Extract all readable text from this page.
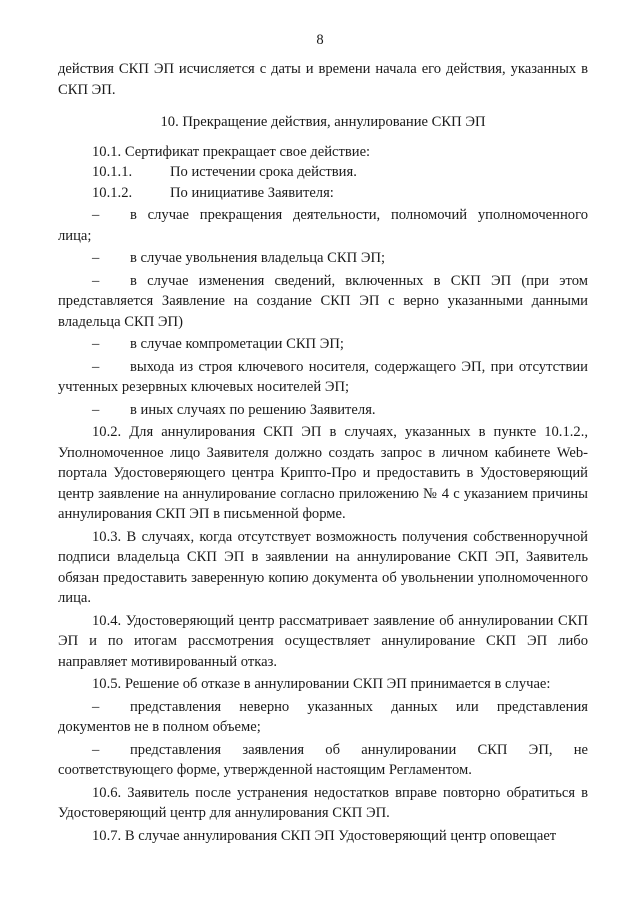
8

действия СКП ЭП исчисляется с даты и времени начала его действия, указанных в СКП ЭП.

10. Прекращение действия, аннулирование СКП ЭП

10.1. Сертификат прекращает свое действие:

10.1.1.	По истечении срока действия.
10.1.2.	По инициативе Заявителя:

– в случае прекращения деятельности, полномочий уполномоченного лица;

– в случае увольнения владельца СКП ЭП;

– в случае изменения сведений, включенных в СКП ЭП (при этом представляется Заявление на создание СКП ЭП с верно указанными данными владельца СКП ЭП)

– в случае компрометации СКП ЭП;

– выхода из строя ключевого носителя, содержащего ЭП, при отсутствии учтенных резервных ключевых носителей ЭП;

– в иных случаях по решению Заявителя.

10.2. Для аннулирования СКП ЭП в случаях, указанных в пункте 10.1.2., Уполномоченное лицо Заявителя должно создать запрос в личном кабинете Web-портала Удостоверяющего центра Крипто-Про и предоставить в Удостоверяющий центр заявление на аннулирование согласно приложению № 4 с указанием причины аннулирования СКП ЭП в письменной форме.

10.3. В случаях, когда отсутствует возможность получения собственноручной подписи владельца СКП ЭП в заявлении на аннулирование СКП ЭП, Заявитель обязан предоставить заверенную копию документа об увольнении уполномоченного лица.

10.4. Удостоверяющий центр рассматривает заявление об аннулировании СКП ЭП и по итогам рассмотрения осуществляет аннулирование СКП ЭП либо направляет мотивированный отказ.

10.5. Решение об отказе в аннулировании СКП ЭП принимается в случае:

– представления неверно указанных данных или представления документов не в полном объеме;

– представления заявления об аннулировании СКП ЭП, не соответствующего форме, утвержденной настоящим Регламентом.

10.6. Заявитель после устранения недостатков вправе повторно обратиться в Удостоверяющий центр для аннулирования СКП ЭП.

10.7. В случае аннулирования СКП ЭП Удостоверяющий центр оповещает
